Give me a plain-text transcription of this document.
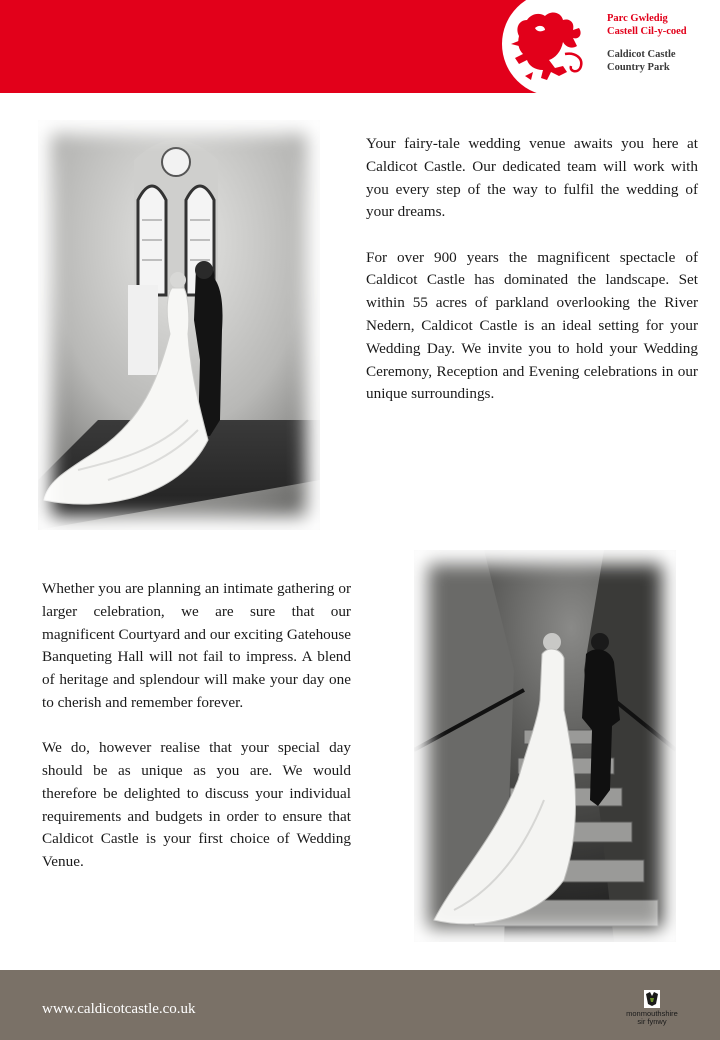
Parc Gwledig
Castell Cil-y-coed
Caldicot Castle
Country Park

Your fairy-tale wedding venue awaits you here at Caldicot Castle. Our dedicated team will work with you every step of the way to fulfil the wedding of your dreams.

For over 900 years the magnificent spectacle of Caldicot Castle has dominated the landscape. Set within 55 acres of parkland overlooking the River Nedern, Caldicot Castle is an ideal setting for your Wedding Day. We invite you to hold your Wedding Ceremony, Reception and Evening celebrations in our unique surroundings.

Whether you are planning an intimate gathering or larger celebration, we are sure that our magnificent Courtyard and our exciting Gatehouse Banqueting Hall will not fail to impress. A blend of heritage and splendour will make your day one to cherish and remember forever.

We do, however realise that your special day should be as unique as you are. We would therefore be delighted to discuss your individual requirements and budgets in order to ensure that Caldicot Castle is your first choice of Wedding Venue.

www.caldicotcastle.co.uk	monmouthshire
sir fynwy
